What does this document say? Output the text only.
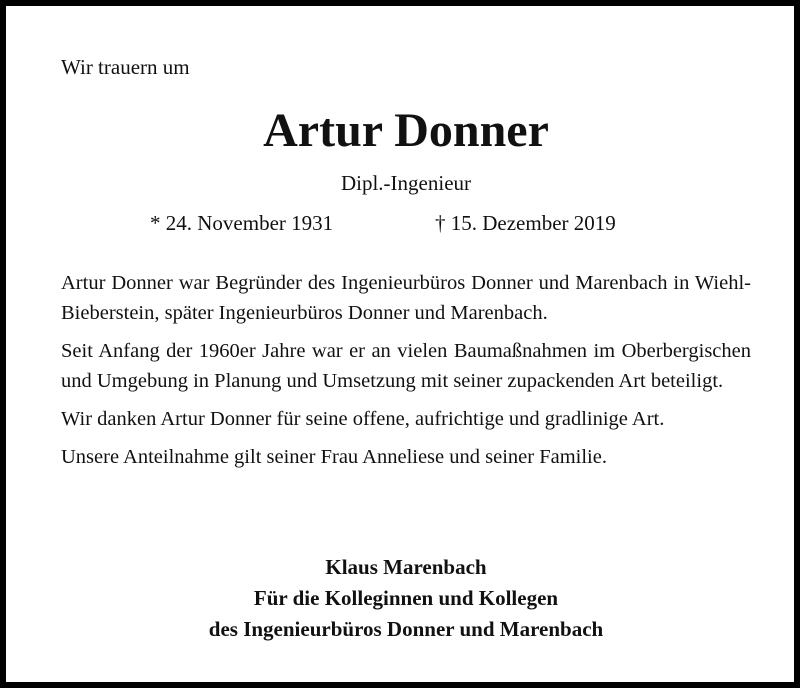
Wir trauern um
Artur Donner
Dipl.-Ingenieur
* 24. November 1931	† 15. Dezember 2019

Artur Donner war Begründer des Ingenieurbüros Donner und Marenbach in Wiehl-Bieberstein, später Ingenieurbüros Donner und Marenbach.

Seit Anfang der 1960er Jahre war er an vielen Baumaßnahmen im Oberbergischen und Umgebung in Planung und Umsetzung mit seiner zupackenden Art beteiligt.

Wir danken Artur Donner für seine offene, aufrichtige und gradlinige Art.

Unsere Anteilnahme gilt seiner Frau Anneliese und seiner Familie.

Klaus Marenbach
Für die Kolleginnen und Kollegen
des Ingenieurbüros Donner und Marenbach
